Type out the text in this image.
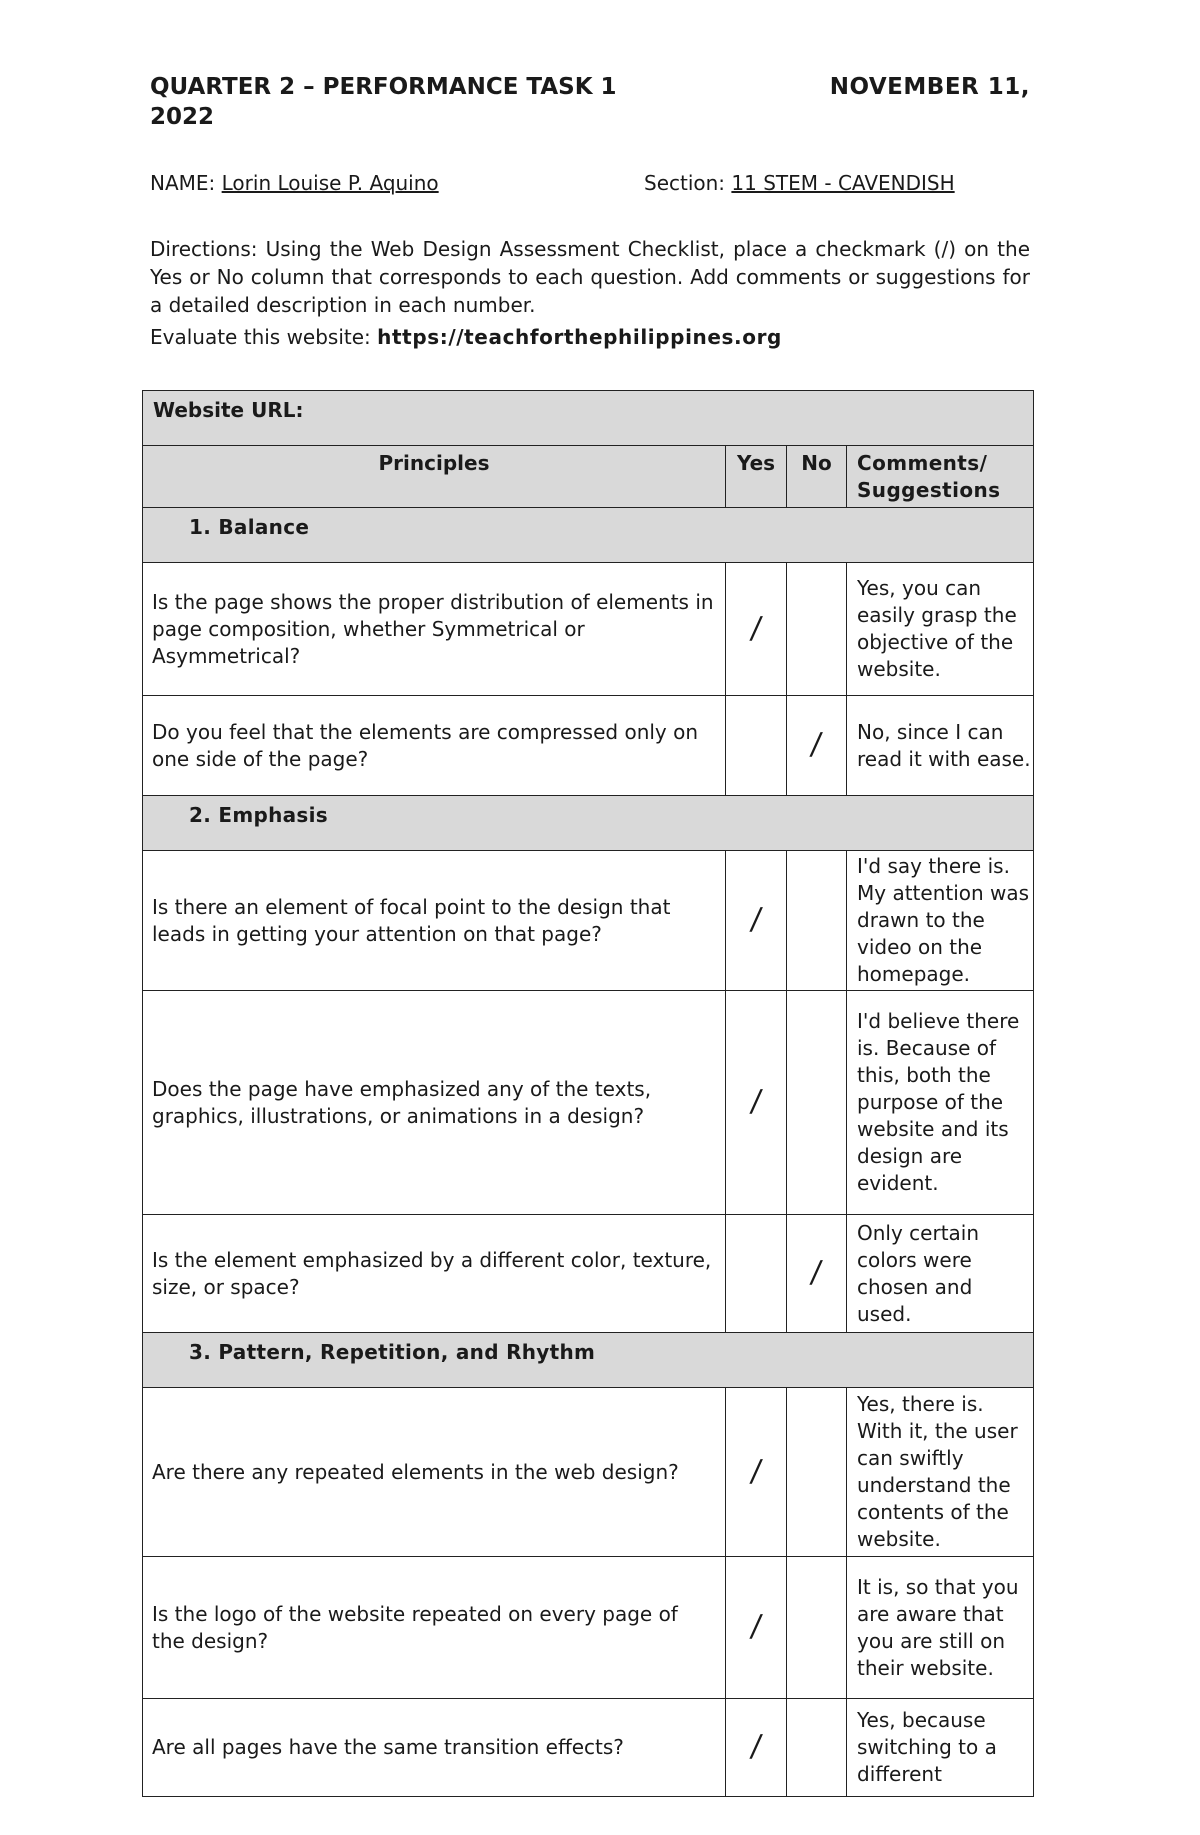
QUARTER 2 – PERFORMANCE TASK 1	NOVEMBER 11,
2022
NAME: Lorin Louise P. Aquino	Section: 11 STEM - CAVENDISH
Directions: Using the Web Design Assessment Checklist, place a checkmark (/) on the Yes or No column that corresponds to each question. Add comments or suggestions for a detailed description in each number.
Evaluate this website: https://teachforthephilippines.org
Website URL:			
Principles	Yes	No	Comments/ Suggestions
1. Balance			
Is the page shows the proper distribution of elements in page composition, whether Symmetrical or Asymmetrical?	/		Yes, you can easily grasp the objective of the website.
Do you feel that the elements are compressed only on one side of the page?		/	No, since I can read it with ease.
2. Emphasis			
Is there an element of focal point to the design that leads in getting your attention on that page?	/		I'd say there is. My attention was drawn to the video on the homepage.
Does the page have emphasized any of the texts, graphics, illustrations, or animations in a design?	/		I'd believe there is. Because of this, both the purpose of the website and its design are evident.
Is the element emphasized by a different color, texture, size, or space?		/	Only certain colors were chosen and used.
3. Pattern, Repetition, and Rhythm			
Are there any repeated elements in the web design?	/		Yes, there is. With it, the user can swiftly understand the contents of the website.
Is the logo of the website repeated on every page of the design?	/		It is, so that you are aware that you are still on their website.
Are all pages have the same transition effects?	/		Yes, because switching to a different
